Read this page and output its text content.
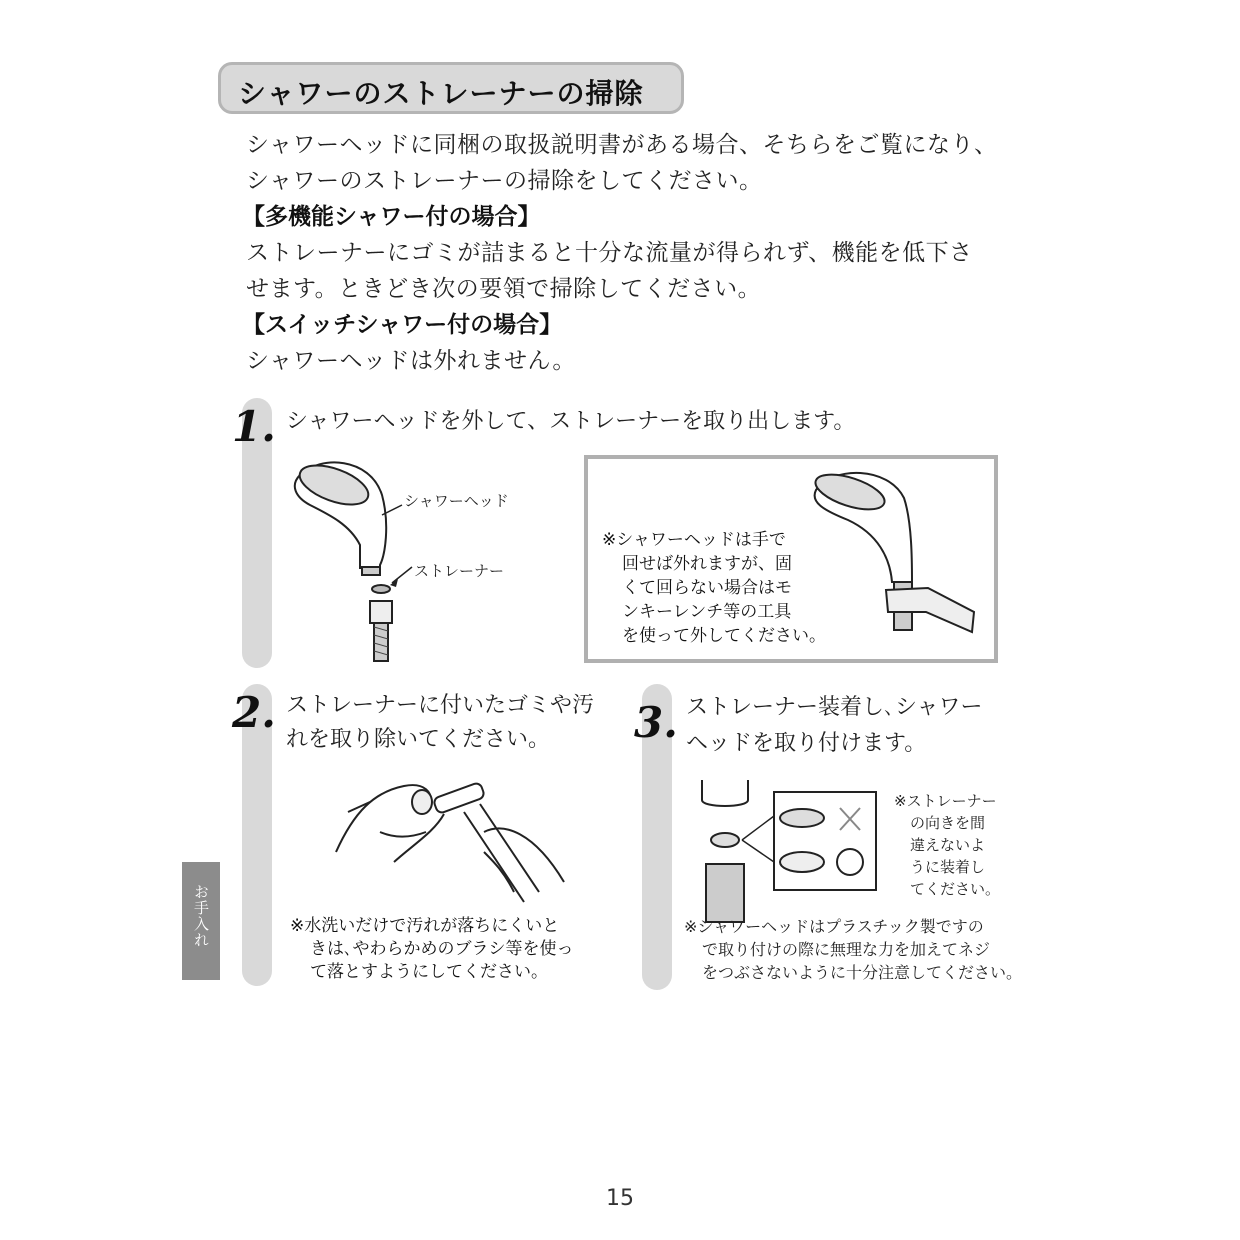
シャワーのストレーナーの掃除
シャワーヘッドに同梱の取扱説明書がある場合、そちらをご覧になり、
シャワーのストレーナーの掃除をしてください。
【多機能シャワー付の場合】
ストレーナーにゴミが詰まると十分な流量が得られず、機能を低下さ
せます。ときどき次の要領で掃除してください。
【スイッチシャワー付の場合】
シャワーヘッドは外れません。
1. シャワーヘッドを外して、ストレーナーを取り出します。
シャワーヘッド
ストレーナー
※シャワーヘッドは手で
回せば外れますが、固
くて回らない場合はモ
ンキーレンチ等の工具
を使って外してください。
2. ストレーナーに付いたゴミや汚
れを取り除いてください。
※水洗いだけで汚れが落ちにくいと
きは､やわらかめのブラシ等を使っ
て落とすようにしてください。
3. ストレーナー装着し､シャワー
ヘッドを取り付けます。
※ストレーナー
の向きを間
違えないよ
うに装着し
てください。
※シャワーヘッドはプラスチック製ですの
で取り付けの際に無理な力を加えてネジ
をつぶさないように十分注意してください。
お手入れ
15
